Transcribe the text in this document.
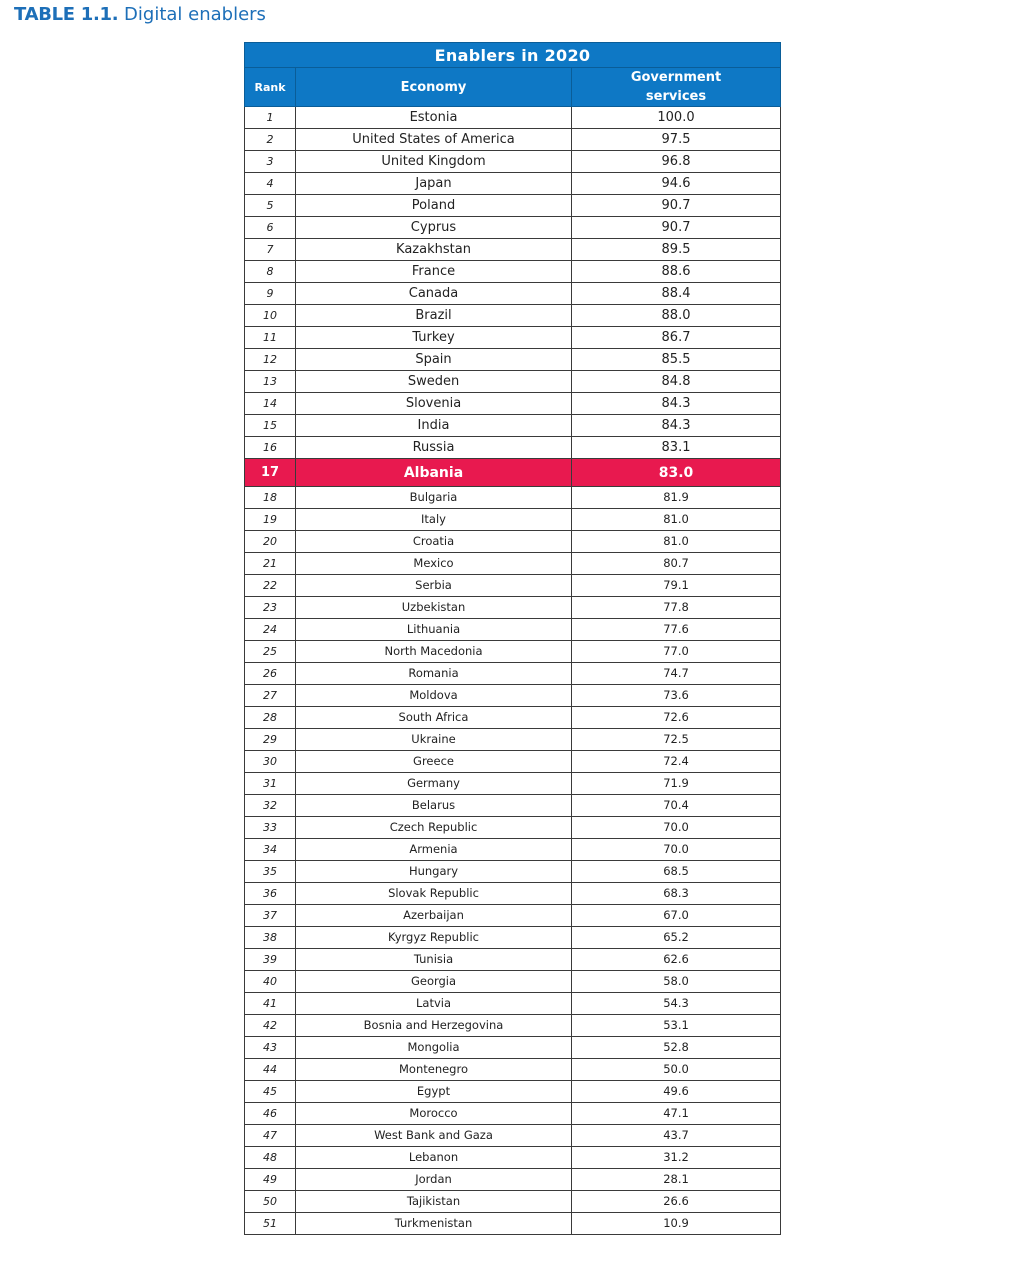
TABLE 1.1. Digital enablers
Enablers in 2020		
Rank	Economy	Government
services
1	Estonia	100.0
2	United States of America	97.5
3	United Kingdom	96.8
4	Japan	94.6
5	Poland	90.7
6	Cyprus	90.7
7	Kazakhstan	89.5
8	France	88.6
9	Canada	88.4
10	Brazil	88.0
11	Turkey	86.7
12	Spain	85.5
13	Sweden	84.8
14	Slovenia	84.3
15	India	84.3
16	Russia	83.1
17	Albania	83.0
18	Bulgaria	81.9
19	Italy	81.0
20	Croatia	81.0
21	Mexico	80.7
22	Serbia	79.1
23	Uzbekistan	77.8
24	Lithuania	77.6
25	North Macedonia	77.0
26	Romania	74.7
27	Moldova	73.6
28	South Africa	72.6
29	Ukraine	72.5
30	Greece	72.4
31	Germany	71.9
32	Belarus	70.4
33	Czech Republic	70.0
34	Armenia	70.0
35	Hungary	68.5
36	Slovak Republic	68.3
37	Azerbaijan	67.0
38	Kyrgyz Republic	65.2
39	Tunisia	62.6
40	Georgia	58.0
41	Latvia	54.3
42	Bosnia and Herzegovina	53.1
43	Mongolia	52.8
44	Montenegro	50.0
45	Egypt	49.6
46	Morocco	47.1
47	West Bank and Gaza	43.7
48	Lebanon	31.2
49	Jordan	28.1
50	Tajikistan	26.6
51	Turkmenistan	10.9
